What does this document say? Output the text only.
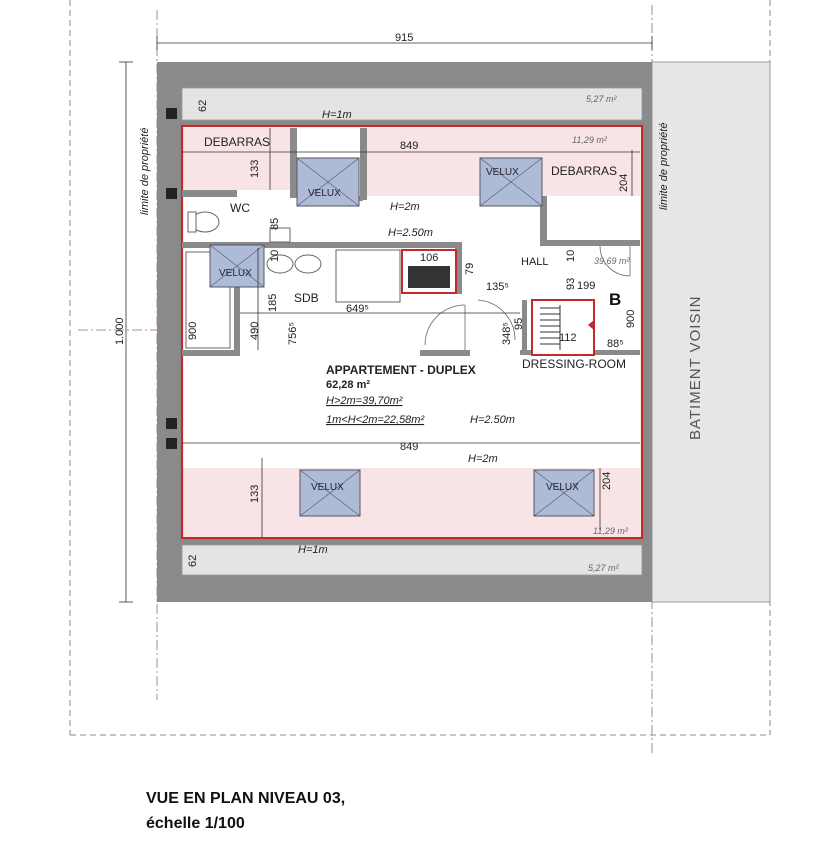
VELUX
VELUX
VELUX
VELUX	VELUX
915
1.000
62
62
133
133
849
849
204
204
85
10
79
135⁵	93
10
199
649⁵
185
490 756⁵
900
900
348⁵ 95
88⁵
112
106
H=1m
H=2m
H=2.50m
H=2.50m
H=2m
H=1m
5,27 m²
11,29 m²
39,69 m²
11,29 m²
5,27 m²
DEBARRAS
DEBARRAS
WC
SDB
HALL
DRESSING-ROOM
B
APPARTEMENT - DUPLEX
62,28 m²
H>2m=39,70m²
1m<H<2m=22,58m²
limite de propriété	limite de propriété
BATIMENT VOISIN
VUE EN PLAN NIVEAU 03,
échelle 1/100
